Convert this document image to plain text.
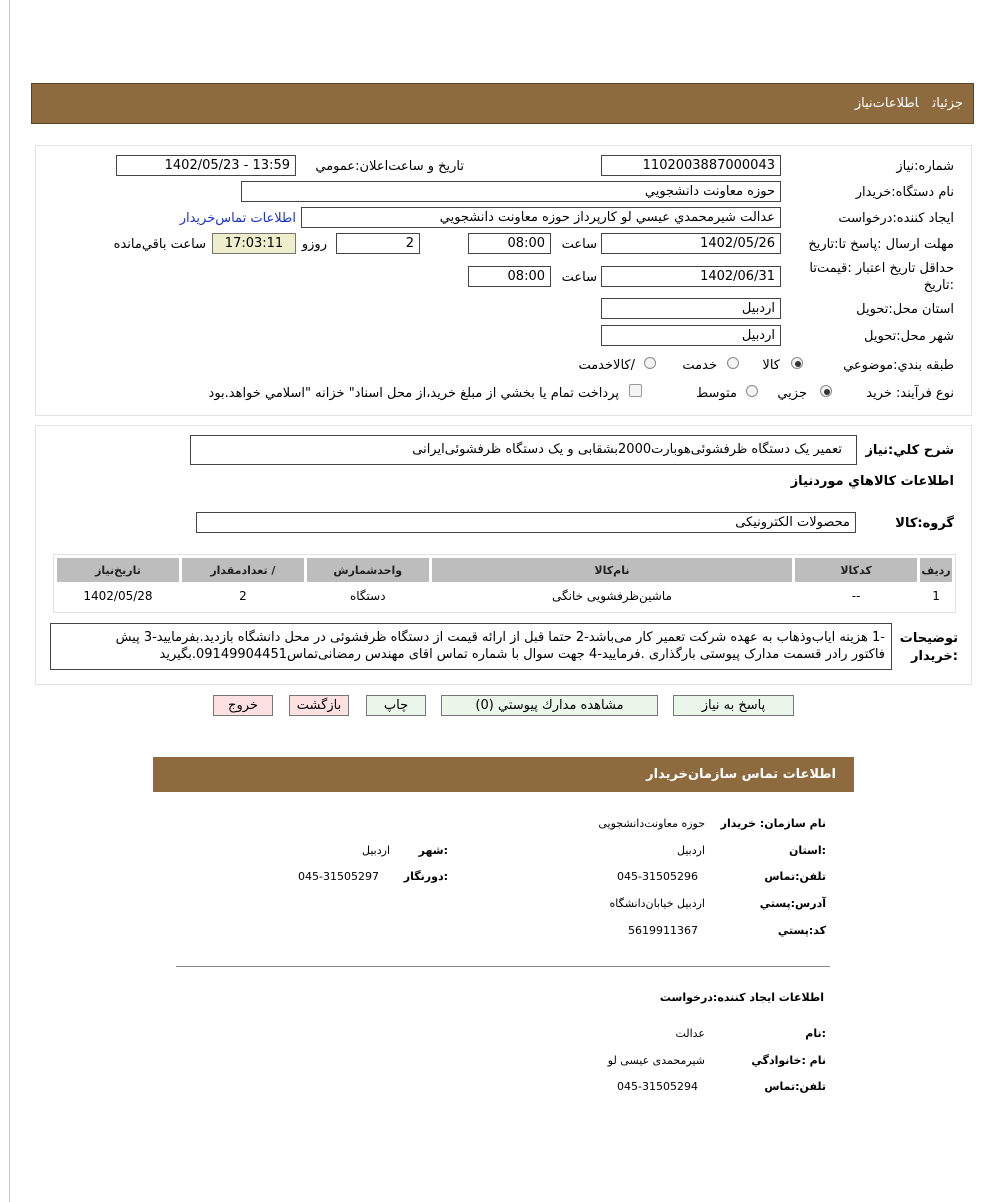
جزئياتاطلاعات‌نياز
شماره:نياز
1102003887000043
تاريخ و ساعت‌اعلان:عمومي
1402/05/23 - 13:59
نام دستگاه:خريدار
حوزه معاونت دانشجويي
ايجاد كننده:درخواست
عدالت شيرمحمدي عيسي لو كارپرداز حوزه معاونت دانشجويي
اطلاعات تماس‌خريدار
مهلت ارسال :پاسخ تا:تاريخ
1402/05/26
ساعت
08:00
2
روزو
17:03:11
ساعت باقي‌مانده
حداقل تاريخ اعتبار :قيمت‌تا
:تاريخ
1402/06/31
ساعت
08:00
استان محل:تحويل
اردبيل
شهر محل:تحويل
اردبيل
طبقه بندي:موضوعي
كالا
خدمت
/كالاخدمت
نوع فرآيند: خريد
جزيي
متوسط
پرداخت تمام يا بخشي از مبلغ خريد،از محل اسناد" خزانه "اسلامي خواهد.بود
شرح كلي:نياز
تعمیر یک دستگاه ظرفشوئی‌هوبارت2000بشقابی و یک دستگاه ظرفشوئی‌ایرانی
اطلاعات كالاهاي موردنياز
گروه:كالا
محصولات الکترونیکی
رديف	كدكالا	نام‌كالا	واحدشمارش	/ تعدادمقدار	تاريخ‌نياز
1	--	ماشین‌ظرفشویی خانگی	دستگاه	2	1402/05/28
توضيحات
:خريدار
-1 هزینه ایاب‌وذهاب به عهده شرکت تعمیر کار می‌باشد-2 حتما قبل از ارائه قیمت از دستگاه ظرفشوئی در محل دانشگاه بازدید.بفرمایید-3 پیش
فاکتور رادر قسمت مدارک پیوستی بارگذاری .فرمایید-4 جهت سوال با شماره تماس اقای مهندس رمضانی‌تماس09149904451.بگیرید
پاسخ به نياز
مشاهده مدارك پيوستي (0)
چاپ
بازگشت
خروج
اطلاعات تماس سازمان‌خريدار
نام سازمان: خريدار
حوزه معاونت‌دانشجویی
:استان
اردبیل
:شهر
اردبیل
تلفن:تماس
045-31505296
:دورنگار
045-31505297
آدرس:پستي
اردبیل خیابان‌دانشگاه
كد:پستي
5619911367
اطلاعات ايجاد كننده:درخواست
:نام
عدالت
نام :خانوادگي
شیرمحمدی عیسی لو
تلفن:تماس
045-31505294
